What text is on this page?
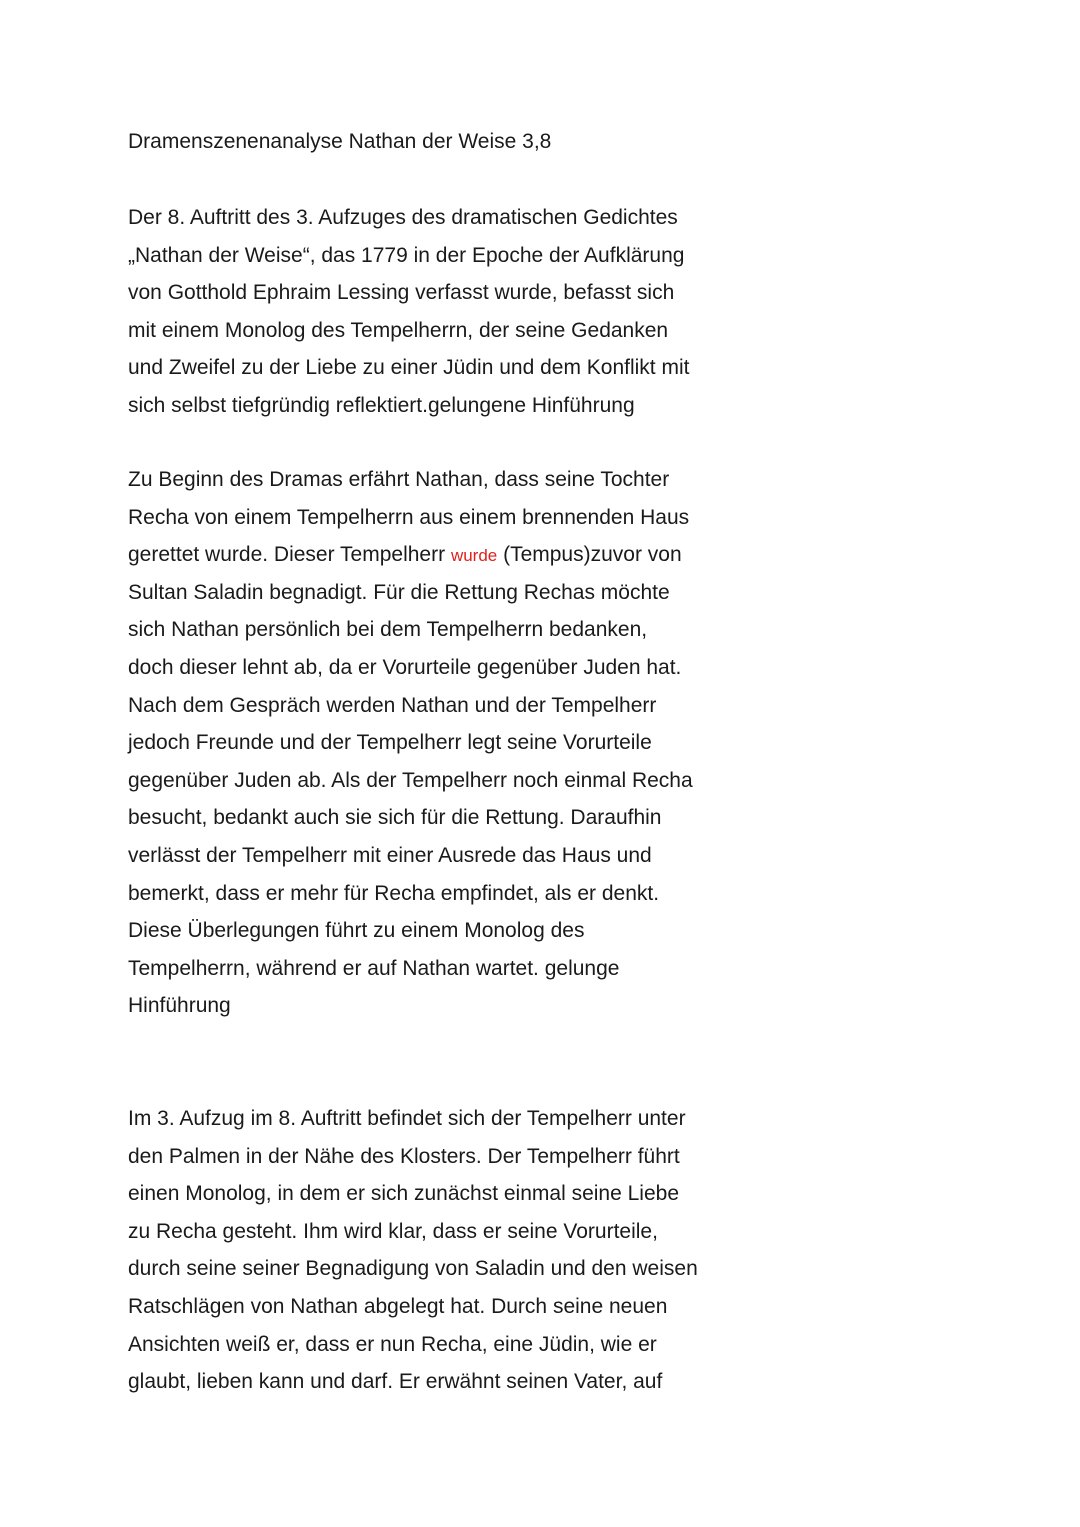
Dramenszenenanalyse Nathan der Weise 3,8
Der 8. Auftritt des 3. Aufzuges des dramatischen Gedichtes
„Nathan der Weise“, das 1779 in der Epoche der Aufklärung
von Gotthold Ephraim Lessing verfasst wurde, befasst sich
mit einem Monolog des Tempelherrn, der seine Gedanken
und Zweifel zu der Liebe zu einer Jüdin und dem Konflikt mit
sich selbst tiefgründig reflektiert.gelungene Hinführung
Zu Beginn des Dramas erfährt Nathan, dass seine Tochter
Recha von einem Tempelherrn aus einem brennenden Haus
gerettet wurde. Dieser Tempelherr wurde (Tempus)zuvor von
Sultan Saladin begnadigt. Für die Rettung Rechas möchte
sich Nathan persönlich bei dem Tempelherrn bedanken,
doch dieser lehnt ab, da er Vorurteile gegenüber Juden hat.
Nach dem Gespräch werden Nathan und der Tempelherr
jedoch Freunde und der Tempelherr legt seine Vorurteile
gegenüber Juden ab. Als der Tempelherr noch einmal Recha
besucht, bedankt auch sie sich für die Rettung. Daraufhin
verlässt der Tempelherr mit einer Ausrede das Haus und
bemerkt, dass er mehr für Recha empfindet, als er denkt.
Diese Überlegungen führt zu einem Monolog des
Tempelherrn, während er auf Nathan wartet. gelunge
Hinführung
Im 3. Aufzug im 8. Auftritt befindet sich der Tempelherr unter
den Palmen in der Nähe des Klosters. Der Tempelherr führt
einen Monolog, in dem er sich zunächst einmal seine Liebe
zu Recha gesteht. Ihm wird klar, dass er seine Vorurteile,
durch seine seiner Begnadigung von Saladin und den weisen
Ratschlägen von Nathan abgelegt hat. Durch seine neuen
Ansichten weiß er, dass er nun Recha, eine Jüdin, wie er
glaubt, lieben kann und darf. Er erwähnt seinen Vater, auf
